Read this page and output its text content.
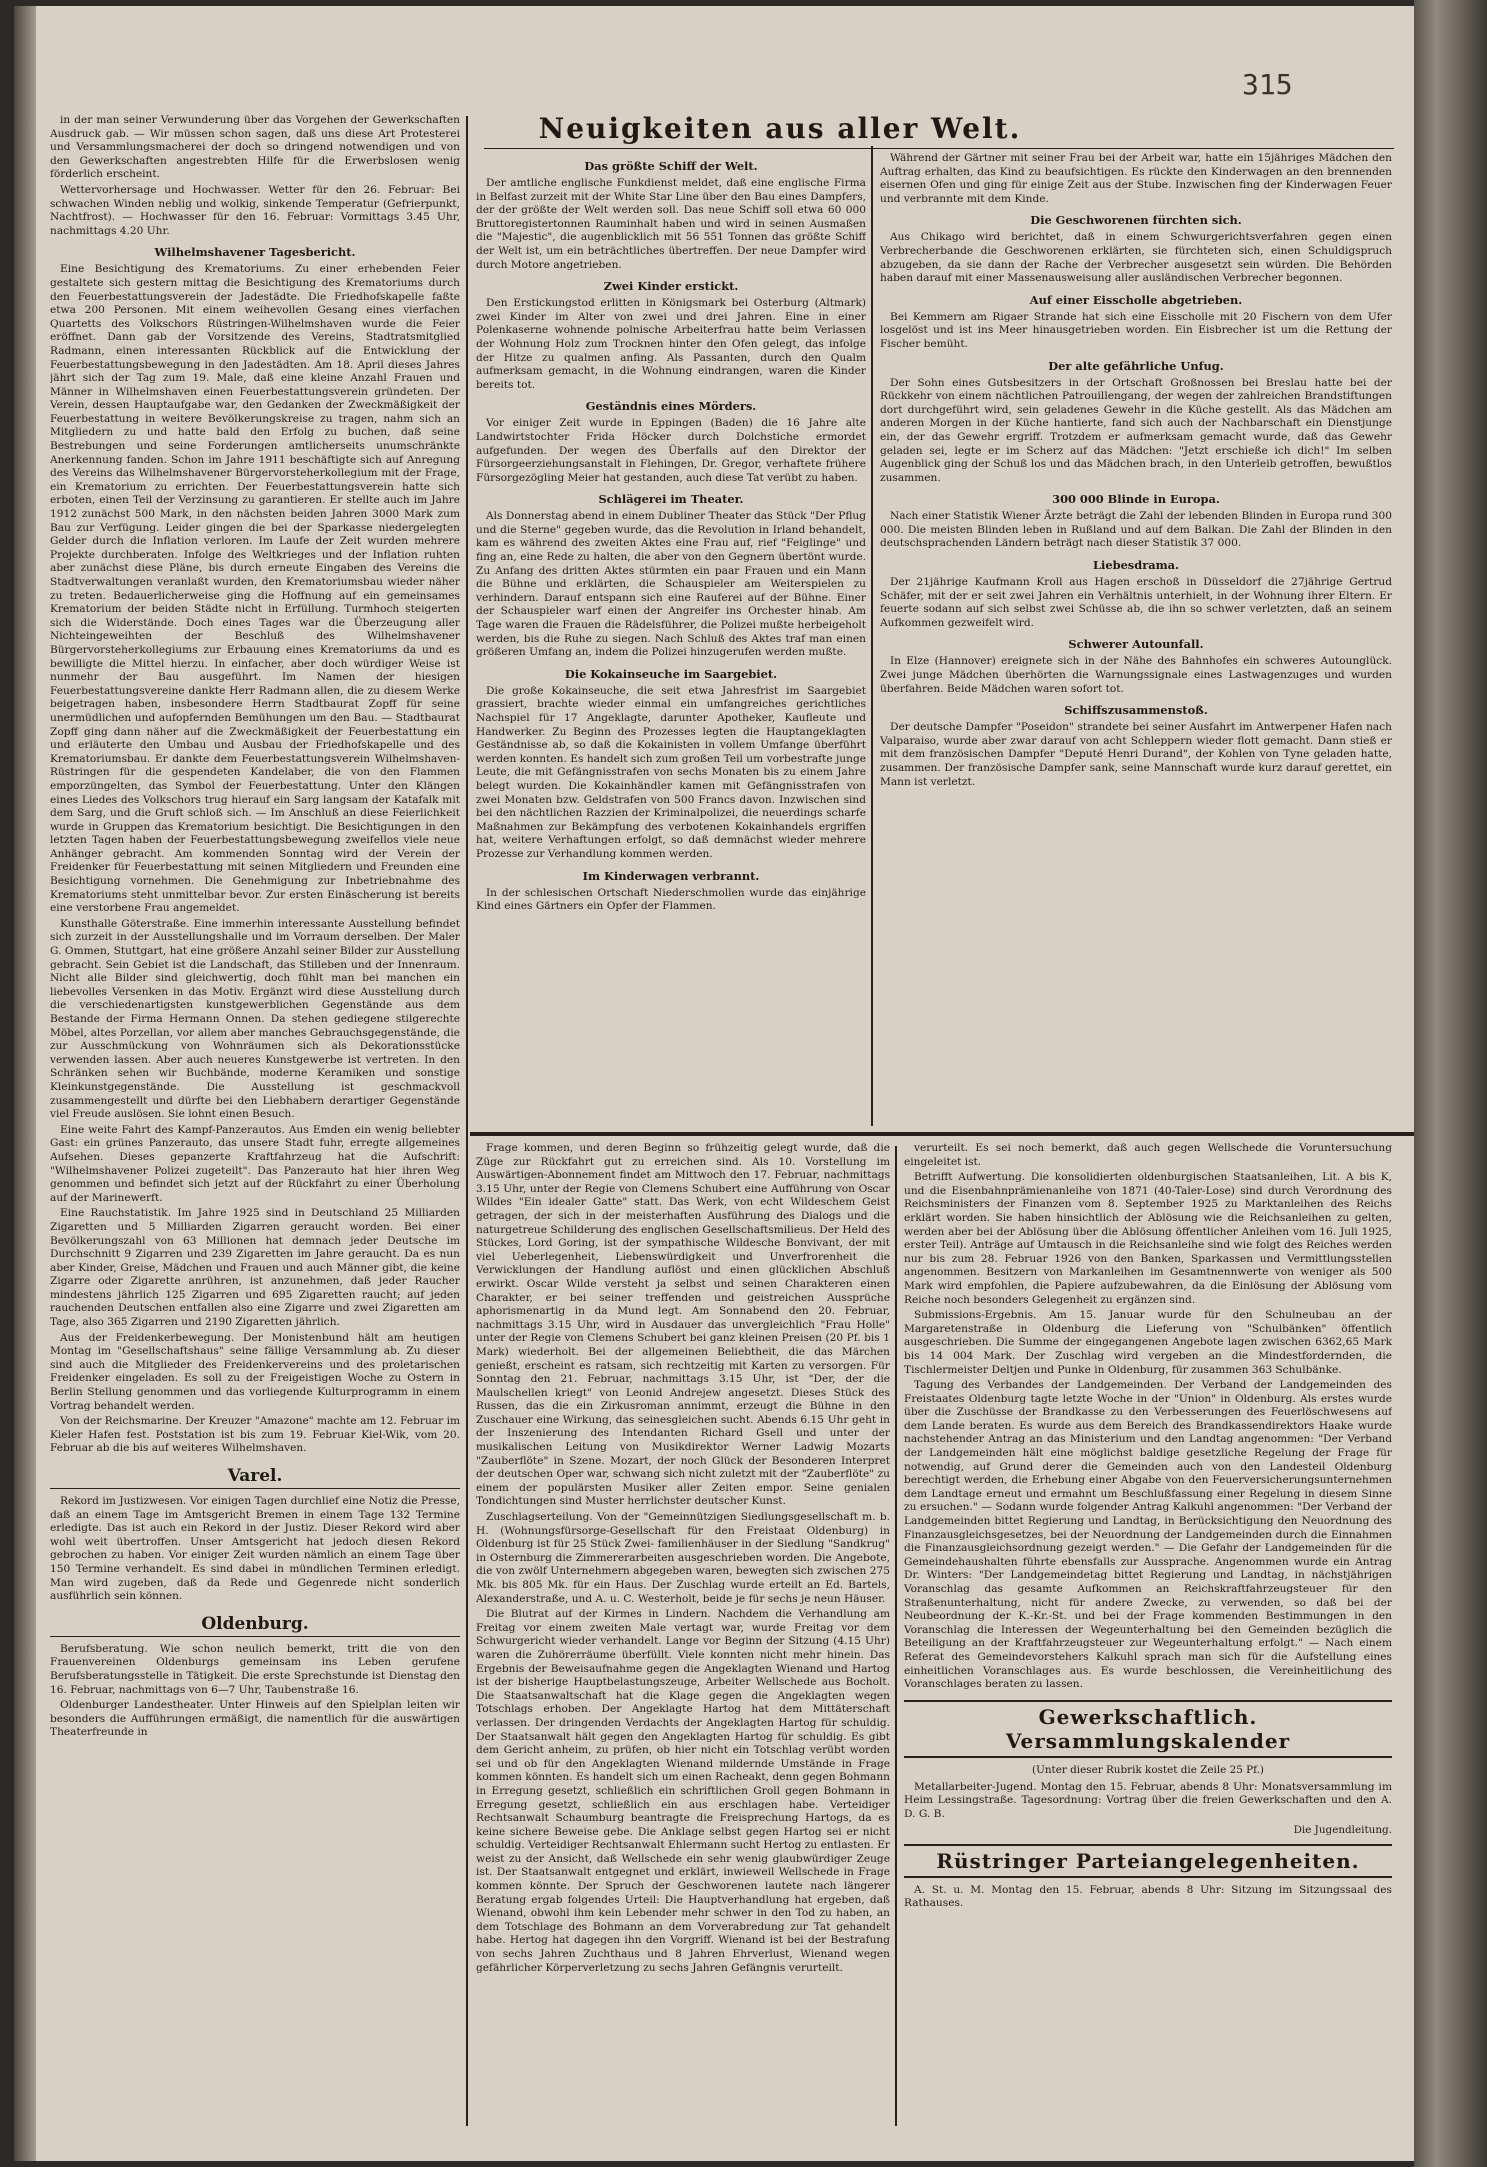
315
Neuigkeiten aus aller Welt.

in der man seiner Verwunderung über das Vorgehen der Gewerkschaften Ausdruck gab. — Wir müssen schon sagen, daß uns diese Art Protesterei und Versammlungsmacherei der doch so dringend notwendigen und von den Gewerkschaften angestrebten Hilfe für die Erwerbslosen wenig förderlich erscheint.

Wettervorhersage und Hochwasser. Wetter für den 26. Februar: Bei schwachen Winden neblig und wolkig, sinkende Temperatur (Gefrierpunkt, Nachtfrost). — Hochwasser für den 16. Februar: Vormittags 3.45 Uhr, nachmittags 4.20 Uhr.

Wilhelmshavener Tagesbericht.

Eine Besichtigung des Krematoriums. Zu einer erhebenden Feier gestaltete sich gestern mittag die Besichtigung des Krematoriums durch den Feuerbestattungsverein der Jadestädte. Die Friedhofskapelle faßte etwa 200 Personen. Mit einem weihevollen Gesang eines vierfachen Quartetts des Volkschors Rüstringen-Wilhelmshaven wurde die Feier eröffnet. Dann gab der Vorsitzende des Vereins, Stadtratsmitglied Radmann, einen interessanten Rückblick auf die Entwicklung der Feuerbestattungsbewegung in den Jadestädten. Am 18. April dieses Jahres jährt sich der Tag zum 19. Male, daß eine kleine Anzahl Frauen und Männer in Wilhelmshaven einen Feuerbestattungsverein gründeten. Der Verein, dessen Hauptaufgabe war, den Gedanken der Zweckmäßigkeit der Feuerbestattung in weitere Bevölkerungskreise zu tragen, nahm sich an Mitgliedern zu und hatte bald den Erfolg zu buchen, daß seine Bestrebungen und seine Forderungen amtlicherseits unumschränkte Anerkennung fanden. Schon im Jahre 1911 beschäftigte sich auf Anregung des Vereins das Wilhelmshavener Bürgervorsteherkollegium mit der Frage, ein Krematorium zu errichten. Der Feuerbestattungsverein hatte sich erboten, einen Teil der Verzinsung zu garantieren. Er stellte auch im Jahre 1912 zunächst 500 Mark, in den nächsten beiden Jahren 3000 Mark zum Bau zur Verfügung. Leider gingen die bei der Sparkasse niedergelegten Gelder durch die Inflation verloren. Im Laufe der Zeit wurden mehrere Projekte durchberaten. Infolge des Weltkrieges und der Inflation ruhten aber zunächst diese Pläne, bis durch erneute Eingaben des Vereins die Stadtverwaltungen veranlaßt wurden, den Krematoriumsbau wieder näher zu treten. Bedauerlicherweise ging die Hoffnung auf ein gemeinsames Krematorium der beiden Städte nicht in Erfüllung. Turmhoch steigerten sich die Widerstände. Doch eines Tages war die Überzeugung aller Nichteingeweihten der Beschluß des Wilhelmshavener Bürgervorsteherkollegiums zur Erbauung eines Krematoriums da und es bewilligte die Mittel hierzu. In einfacher, aber doch würdiger Weise ist nunmehr der Bau ausgeführt. Im Namen der hiesigen Feuerbestattungsvereine dankte Herr Radmann allen, die zu diesem Werke beigetragen haben, insbesondere Herrn Stadtbaurat Zopff für seine unermüdlichen und aufopfernden Bemühungen um den Bau. — Stadtbaurat Zopff ging dann näher auf die Zweckmäßigkeit der Feuerbestattung ein und erläuterte den Umbau und Ausbau der Friedhofskapelle und des Krematoriumsbau. Er dankte dem Feuerbestattungsverein Wilhelmshaven-Rüstringen für die gespendeten Kandelaber, die von den Flammen emporzüngelten, das Symbol der Feuerbestattung. Unter den Klängen eines Liedes des Volkschors trug hierauf ein Sarg langsam der Katafalk mit dem Sarg, und die Gruft schloß sich. — Im Anschluß an diese Feierlichkeit wurde in Gruppen das Krematorium besichtigt. Die Besichtigungen in den letzten Tagen haben der Feuerbestattungsbewegung zweifellos viele neue Anhänger gebracht. Am kommenden Sonntag wird der Verein der Freidenker für Feuerbestattung mit seinen Mitgliedern und Freunden eine Besichtigung vornehmen. Die Genehmigung zur Inbetriebnahme des Krematoriums steht unmittelbar bevor. Zur ersten Einäscherung ist bereits eine verstorbene Frau angemeldet.

Kunsthalle Göterstraße. Eine immerhin interessante Ausstellung befindet sich zurzeit in der Ausstellungshalle und im Vorraum derselben. Der Maler G. Ommen, Stuttgart, hat eine größere Anzahl seiner Bilder zur Ausstellung gebracht. Sein Gebiet ist die Landschaft, das Stilleben und der Innenraum. Nicht alle Bilder sind gleichwertig, doch fühlt man bei manchen ein liebevolles Versenken in das Motiv. Ergänzt wird diese Ausstellung durch die verschiedenartigsten kunstgewerblichen Gegenstände aus dem Bestande der Firma Hermann Onnen. Da stehen gediegene stilgerechte Möbel, altes Porzellan, vor allem aber manches Gebrauchsgegenstände, die zur Ausschmückung von Wohnräumen sich als Dekorationsstücke verwenden lassen. Aber auch neueres Kunstgewerbe ist vertreten. In den Schränken sehen wir Buchbände, moderne Keramiken und sonstige Kleinkunstgegenstände. Die Ausstellung ist geschmackvoll zusammengestellt und dürfte bei den Liebhabern derartiger Gegenstände viel Freude auslösen. Sie lohnt einen Besuch.

Eine weite Fahrt des Kampf-Panzerautos. Aus Emden ein wenig beliebter Gast: ein grünes Panzerauto, das unsere Stadt fuhr, erregte allgemeines Aufsehen. Dieses gepanzerte Kraftfahrzeug hat die Aufschrift: "Wilhelmshavener Polizei zugeteilt". Das Panzerauto hat hier ihren Weg genommen und befindet sich jetzt auf der Rückfahrt zu einer Überholung auf der Marinewerft.

Eine Rauchstatistik. Im Jahre 1925 sind in Deutschland 25 Milliarden Zigaretten und 5 Milliarden Zigarren geraucht worden. Bei einer Bevölkerungszahl von 63 Millionen hat demnach jeder Deutsche im Durchschnitt 9 Zigarren und 239 Zigaretten im Jahre geraucht. Da es nun aber Kinder, Greise, Mädchen und Frauen und auch Männer gibt, die keine Zigarre oder Zigarette anrühren, ist anzunehmen, daß jeder Raucher mindestens jährlich 125 Zigarren und 695 Zigaretten raucht; auf jeden rauchenden Deutschen entfallen also eine Zigarre und zwei Zigaretten am Tage, also 365 Zigarren und 2190 Zigaretten jährlich.

Aus der Freidenkerbewegung. Der Monistenbund hält am heutigen Montag im "Gesellschaftshaus" seine fällige Versammlung ab. Zu dieser sind auch die Mitglieder des Freidenkervereins und des proletarischen Freidenker eingeladen. Es soll zu der Freigeistigen Woche zu Ostern in Berlin Stellung genommen und das vorliegende Kulturprogramm in einem Vortrag behandelt werden.

Von der Reichsmarine. Der Kreuzer "Amazone" machte am 12. Februar im Kieler Hafen fest. Poststation ist bis zum 19. Februar Kiel-Wik, vom 20. Februar ab die bis auf weiteres Wilhelmshaven.

Varel.

Rekord im Justizwesen. Vor einigen Tagen durchlief eine Notiz die Presse, daß an einem Tage im Amtsgericht Bremen in einem Tage 132 Termine erledigte. Das ist auch ein Rekord in der Justiz. Dieser Rekord wird aber wohl weit übertroffen. Unser Amtsgericht hat jedoch diesen Rekord gebrochen zu haben. Vor einiger Zeit wurden nämlich an einem Tage über 150 Termine verhandelt. Es sind dabei in mündlichen Terminen erledigt. Man wird zugeben, daß da Rede und Gegenrede nicht sonderlich ausführlich sein können.

Oldenburg.

Berufsberatung. Wie schon neulich bemerkt, tritt die von den Frauenvereinen Oldenburgs gemeinsam ins Leben gerufene Berufsberatungsstelle in Tätigkeit. Die erste Sprechstunde ist Dienstag den 16. Februar, nachmittags von 6—7 Uhr, Taubenstraße 16.

Oldenburger Landestheater. Unter Hinweis auf den Spielplan leiten wir besonders die Aufführungen ermäßigt, die namentlich für die auswärtigen Theaterfreunde in

Das größte Schiff der Welt.

Der amtliche englische Funkdienst meldet, daß eine englische Firma in Belfast zurzeit mit der White Star Line über den Bau eines Dampfers, der der größte der Welt werden soll. Das neue Schiff soll etwa 60 000 Bruttoregistertonnen Rauminhalt haben und wird in seinen Ausmaßen die "Majestic", die augenblicklich mit 56 551 Tonnen das größte Schiff der Welt ist, um ein beträchtliches übertreffen. Der neue Dampfer wird durch Motore angetrieben.

Zwei Kinder erstickt.

Den Erstickungstod erlitten in Königsmark bei Osterburg (Altmark) zwei Kinder im Alter von zwei und drei Jahren. Eine in einer Polenkaserne wohnende polnische Arbeiterfrau hatte beim Verlassen der Wohnung Holz zum Trocknen hinter den Ofen gelegt, das infolge der Hitze zu qualmen anfing. Als Passanten, durch den Qualm aufmerksam gemacht, in die Wohnung eindrangen, waren die Kinder bereits tot.

Geständnis eines Mörders.

Vor einiger Zeit wurde in Eppingen (Baden) die 16 Jahre alte Landwirtstochter Frida Höcker durch Dolchstiche ermordet aufgefunden. Der wegen des Überfalls auf den Direktor der Fürsorgeerziehungsanstalt in Flehingen, Dr. Gregor, verhaftete frühere Fürsorgezögling Meier hat gestanden, auch diese Tat verübt zu haben.

Schlägerei im Theater.

Als Donnerstag abend in einem Dubliner Theater das Stück "Der Pflug und die Sterne" gegeben wurde, das die Revolution in Irland behandelt, kam es während des zweiten Aktes eine Frau auf, rief "Feiglinge" und fing an, eine Rede zu halten, die aber von den Gegnern übertönt wurde. Zu Anfang des dritten Aktes stürmten ein paar Frauen und ein Mann die Bühne und erklärten, die Schauspieler am Weiterspielen zu verhindern. Darauf entspann sich eine Rauferei auf der Bühne. Einer der Schauspieler warf einen der Angreifer ins Orchester hinab. Am Tage waren die Frauen die Rädelsführer, die Polizei mußte herbeigeholt werden, bis die Ruhe zu siegen. Nach Schluß des Aktes traf man einen größeren Umfang an, indem die Polizei hinzugerufen werden mußte.

Die Kokainseuche im Saargebiet.

Die große Kokainseuche, die seit etwa Jahresfrist im Saargebiet grassiert, brachte wieder einmal ein umfangreiches gerichtliches Nachspiel für 17 Angeklagte, darunter Apotheker, Kaufleute und Handwerker. Zu Beginn des Prozesses legten die Hauptangeklagten Geständnisse ab, so daß die Kokainisten in vollem Umfange überführt werden konnten. Es handelt sich zum großen Teil um vorbestrafte junge Leute, die mit Gefängnisstrafen von sechs Monaten bis zu einem Jahre belegt wurden. Die Kokainhändler kamen mit Gefängnisstrafen von zwei Monaten bzw. Geldstrafen von 500 Francs davon. Inzwischen sind bei den nächtlichen Razzien der Kriminalpolizei, die neuerdings scharfe Maßnahmen zur Bekämpfung des verbotenen Kokainhandels ergriffen hat, weitere Verhaftungen erfolgt, so daß demnächst wieder mehrere Prozesse zur Verhandlung kommen werden.

Im Kinderwagen verbrannt.

In der schlesischen Ortschaft Niederschmollen wurde das einjährige Kind eines Gärtners ein Opfer der Flammen.

Während der Gärtner mit seiner Frau bei der Arbeit war, hatte ein 15jähriges Mädchen den Auftrag erhalten, das Kind zu beaufsichtigen. Es rückte den Kinderwagen an den brennenden eisernen Ofen und ging für einige Zeit aus der Stube. Inzwischen fing der Kinderwagen Feuer und verbrannte mit dem Kinde.

Die Geschworenen fürchten sich.

Aus Chikago wird berichtet, daß in einem Schwurgerichtsverfahren gegen einen Verbrecherbande die Geschworenen erklärten, sie fürchteten sich, einen Schuldigspruch abzugeben, da sie dann der Rache der Verbrecher ausgesetzt sein würden. Die Behörden haben darauf mit einer Massenausweisung aller ausländischen Verbrecher begonnen.

Auf einer Eisscholle abgetrieben.

Bei Kemmern am Rigaer Strande hat sich eine Eisscholle mit 20 Fischern von dem Ufer losgelöst und ist ins Meer hinausgetrieben worden. Ein Eisbrecher ist um die Rettung der Fischer bemüht.

Der alte gefährliche Unfug.

Der Sohn eines Gutsbesitzers in der Ortschaft Großnossen bei Breslau hatte bei der Rückkehr von einem nächtlichen Patrouillengang, der wegen der zahlreichen Brandstiftungen dort durchgeführt wird, sein geladenes Gewehr in die Küche gestellt. Als das Mädchen am anderen Morgen in der Küche hantierte, fand sich auch der Nachbarschaft ein Dienstjunge ein, der das Gewehr ergriff. Trotzdem er aufmerksam gemacht wurde, daß das Gewehr geladen sei, legte er im Scherz auf das Mädchen: "Jetzt erschieße ich dich!" Im selben Augenblick ging der Schuß los und das Mädchen brach, in den Unterleib getroffen, bewußtlos zusammen.

300 000 Blinde in Europa.

Nach einer Statistik Wiener Ärzte beträgt die Zahl der lebenden Blinden in Europa rund 300 000. Die meisten Blinden leben in Rußland und auf dem Balkan. Die Zahl der Blinden in den deutschsprachenden Ländern beträgt nach dieser Statistik 37 000.

Liebesdrama.

Der 21jährige Kaufmann Kroll aus Hagen erschoß in Düsseldorf die 27jährige Gertrud Schäfer, mit der er seit zwei Jahren ein Verhältnis unterhielt, in der Wohnung ihrer Eltern. Er feuerte sodann auf sich selbst zwei Schüsse ab, die ihn so schwer verletzten, daß an seinem Aufkommen gezweifelt wird.

Schwerer Autounfall.

In Elze (Hannover) ereignete sich in der Nähe des Bahnhofes ein schweres Autounglück. Zwei junge Mädchen überhörten die Warnungssignale eines Lastwagenzuges und wurden überfahren. Beide Mädchen waren sofort tot.

Schiffszusammenstoß.

Der deutsche Dampfer "Poseidon" strandete bei seiner Ausfahrt im Antwerpener Hafen nach Valparaiso, wurde aber zwar darauf von acht Schleppern wieder flott gemacht. Dann stieß er mit dem französischen Dampfer "Deputé Henri Durand", der Kohlen von Tyne geladen hatte, zusammen. Der französische Dampfer sank, seine Mannschaft wurde kurz darauf gerettet, ein Mann ist verletzt.

Frage kommen, und deren Beginn so frühzeitig gelegt wurde, daß die Züge zur Rückfahrt gut zu erreichen sind. Als 10. Vorstellung im Auswärtigen-Abonnement findet am Mittwoch den 17. Februar, nachmittags 3.15 Uhr, unter der Regie von Clemens Schubert eine Aufführung von Oscar Wildes "Ein idealer Gatte" statt. Das Werk, von echt Wildeschem Geist getragen, der sich in der meisterhaften Ausführung des Dialogs und die naturgetreue Schilderung des englischen Gesellschaftsmilieus. Der Held des Stückes, Lord Goring, ist der sympathische Wildesche Bonvivant, der mit viel Ueberlegenheit, Liebenswürdigkeit und Unverfrorenheit die Verwicklungen der Handlung auflöst und einen glücklichen Abschluß erwirkt. Oscar Wilde versteht ja selbst und seinen Charakteren einen Charakter, er bei seiner treffenden und geistreichen Aussprüche aphorismenartig in da Mund legt. Am Sonnabend den 20. Februar, nachmittags 3.15 Uhr, wird in Ausdauer das unvergleichlich "Frau Holle" unter der Regie von Clemens Schubert bei ganz kleinen Preisen (20 Pf. bis 1 Mark) wiederholt. Bei der allgemeinen Beliebtheit, die das Märchen genießt, erscheint es ratsam, sich rechtzeitig mit Karten zu versorgen. Für Sonntag den 21. Februar, nachmittags 3.15 Uhr, ist "Der, der die Maulschellen kriegt" von Leonid Andrejew angesetzt. Dieses Stück des Russen, das die ein Zirkusroman annimmt, erzeugt die Bühne in den Zuschauer eine Wirkung, das seinesgleichen sucht. Abends 6.15 Uhr geht in der Inszenierung des Intendanten Richard Gsell und unter der musikalischen Leitung von Musikdirektor Werner Ladwig Mozarts "Zauberflöte" in Szene. Mozart, der noch Glück der Besonderen Interpret der deutschen Oper war, schwang sich nicht zuletzt mit der "Zauberflöte" zu einem der populärsten Musiker aller Zeiten empor. Seine genialen Tondichtungen sind Muster herrlichster deutscher Kunst.

Zuschlagserteilung. Von der "Gemeinnützigen Siedlungsgesellschaft m. b. H. (Wohnungsfürsorge-Gesellschaft für den Freistaat Oldenburg) in Oldenburg ist für 25 Stück Zwei- familienhäuser in der Siedlung "Sandkrug" in Osternburg die Zimmererarbeiten ausgeschrieben worden. Die Angebote, die von zwölf Unternehmern abgegeben waren, bewegten sich zwischen 275 Mk. bis 805 Mk. für ein Haus. Der Zuschlag wurde erteilt an Ed. Bartels, Alexanderstraße, und A. u. C. Westerholt, beide je für sechs je neun Häuser.

Die Blutrat auf der Kirmes in Lindern. Nachdem die Verhandlung am Freitag vor einem zweiten Male vertagt war, wurde Freitag vor dem Schwurgericht wieder verhandelt. Lange vor Beginn der Sitzung (4.15 Uhr) waren die Zuhörerräume überfüllt. Viele konnten nicht mehr hinein. Das Ergebnis der Beweisaufnahme gegen die Angeklagten Wienand und Hartog ist der bisherige Hauptbelastungszeuge, Arbeiter Wellschede aus Bocholt. Die Staatsanwaltschaft hat die Klage gegen die Angeklagten wegen Totschlags erhoben. Der Angeklagte Hartog hat dem Mittäterschaft verlassen. Der dringenden Verdachts der Angeklagten Hartog für schuldig. Der Staatsanwalt hält gegen den Angeklagten Hartog für schuldig. Es gibt dem Gericht anheim, zu prüfen, ob hier nicht ein Totschlag verübt worden sei und ob für den Angeklagten Wienand mildernde Umstände in Frage kommen könnten. Es handelt sich um einen Racheakt, denn gegen Bohmann in Erregung gesetzt, schließlich ein schriftlichen Groll gegen Bohmann in Erregung gesetzt, schließlich ein aus erschlagen habe. Verteidiger Rechtsanwalt Schaumburg beantragte die Freisprechung Hartogs, da es keine sichere Beweise gebe. Die Anklage selbst gegen Hartog sei er nicht schuldig. Verteidiger Rechtsanwalt Ehlermann sucht Hertog zu entlasten. Er weist zu der Ansicht, daß Wellschede ein sehr wenig glaubwürdiger Zeuge ist. Der Staatsanwalt entgegnet und erklärt, inwieweil Wellschede in Frage kommen könnte. Der Spruch der Geschworenen lautete nach längerer Beratung ergab folgendes Urteil: Die Hauptverhandlung hat ergeben, daß Wienand, obwohl ihm kein Lebender mehr schwer in den Tod zu haben, an dem Totschlage des Bohmann an dem Vorverabredung zur Tat gehandelt habe. Hertog hat dagegen ihn den Vorgriff. Wienand ist bei der Bestrafung von sechs Jahren Zuchthaus und 8 Jahren Ehrverlust, Wienand wegen gefährlicher Körperverletzung zu sechs Jahren Gefängnis verurteilt.

verurteilt. Es sei noch bemerkt, daß auch gegen Wellschede die Voruntersuchung eingeleitet ist.

Betrifft Aufwertung. Die konsolidierten oldenburgischen Staatsanleihen, Lit. A bis K, und die Eisenbahnprämienanleihe von 1871 (40-Taler-Lose) sind durch Verordnung des Reichsministers der Finanzen vom 8. September 1925 zu Marktanleihen des Reichs erklärt worden. Sie haben hinsichtlich der Ablösung wie die Reichsanleihen zu gelten, werden aber bei der Ablösung über die Ablösung öffentlicher Anleihen vom 16. Juli 1925, erster Teil). Anträge auf Umtausch in die Reichsanleihe sind wie folgt des Reiches werden nur bis zum 28. Februar 1926 von den Banken, Sparkassen und Vermittlungsstellen angenommen. Besitzern von Markanleihen im Gesamtnennwerte von weniger als 500 Mark wird empfohlen, die Papiere aufzubewahren, da die Einlösung der Ablösung vom Reiche noch besonders Gelegenheit zu ergänzen sind.

Submissions-Ergebnis. Am 15. Januar wurde für den Schulneubau an der Margaretenstraße in Oldenburg die Lieferung von "Schulbänken" öffentlich ausgeschrieben. Die Summe der eingegangenen Angebote lagen zwischen 6362,65 Mark bis 14 004 Mark. Der Zuschlag wird vergeben an die Mindestfordernden, die Tischlermeister Deltjen und Punke in Oldenburg, für zusammen 363 Schulbänke.

Tagung des Verbandes der Landgemeinden. Der Verband der Landgemeinden des Freistaates Oldenburg tagte letzte Woche in der "Union" in Oldenburg. Als erstes wurde über die Zuschüsse der Brandkasse zu den Verbesserungen des Feuerlöschwesens auf dem Lande beraten. Es wurde aus dem Bereich des Brandkassendirektors Haake wurde nachstehender Antrag an das Ministerium und den Landtag angenommen: "Der Verband der Landgemeinden hält eine möglichst baldige gesetzliche Regelung der Frage für notwendig, auf Grund derer die Gemeinden auch von den Landesteil Oldenburg berechtigt werden, die Erhebung einer Abgabe von den Feuerversicherungsunternehmen dem Landtage erneut und ermahnt um Beschlußfassung einer Regelung in diesem Sinne zu ersuchen." — Sodann wurde folgender Antrag Kalkuhl angenommen: "Der Verband der Landgemeinden bittet Regierung und Landtag, in Berücksichtigung den Neuordnung des Finanzausgleichsgesetzes, bei der Neuordnung der Landgemeinden durch die Einnahmen die Finanzausgleichsordnung gezeigt werden." — Die Gefahr der Landgemeinden für die Gemeindehaushalten führte ebensfalls zur Aussprache. Angenommen wurde ein Antrag Dr. Winters: "Der Landgemeindetag bittet Regierung und Landtag, in nächstjährigen Voranschlag das gesamte Aufkommen an Reichskraftfahrzeugsteuer für den Straßenunterhaltung, nicht für andere Zwecke, zu verwenden, so daß bei der Neubeordnung der K.-Kr.-St. und bei der Frage kommenden Bestimmungen in den Voranschlag die Interessen der Wegeunterhaltung bei den Gemeinden bezüglich die Beteiligung an der Kraftfahrzeugsteuer zur Wegeunterhaltung erfolgt." — Nach einem Referat des Gemeindevorstehers Kalkuhl sprach man sich für die Aufstellung eines einheitlichen Voranschlages aus. Es wurde beschlossen, die Vereinheitlichung des Voranschlages beraten zu lassen.

Gewerkschaftlich. Versammlungskalender
(Unter dieser Rubrik kostet die Zeile 25 Pf.)

Metallarbeiter-Jugend. Montag den 15. Februar, abends 8 Uhr: Monatsversammlung im Heim Lessingstraße. Tagesordnung: Vortrag über die freien Gewerkschaften und den A. D. G. B.

Die Jugendleitung.
Rüstringer Parteiangelegenheiten.

A. St. u. M. Montag den 15. Februar, abends 8 Uhr: Sitzung im Sitzungssaal des Rathauses.
